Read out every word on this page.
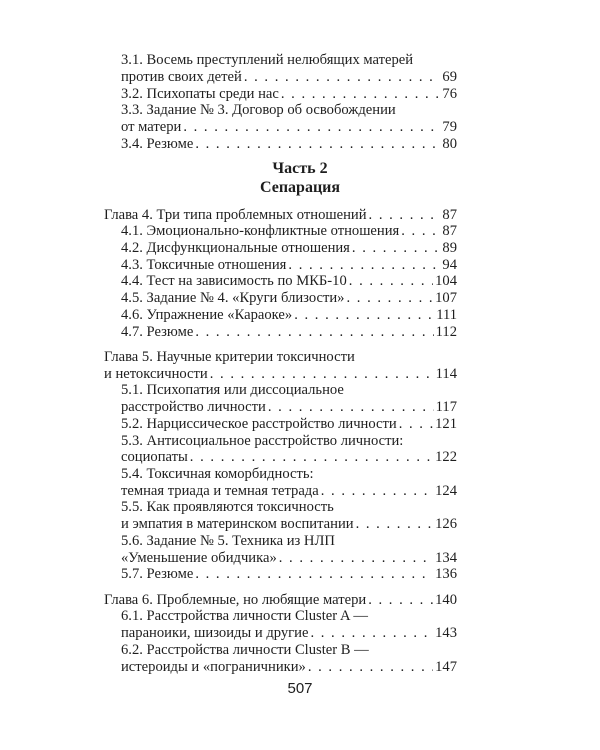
3.1. Восемь преступлений нелюбящих матерей
против своих детей . . .	69
3.2. Психопаты среди нас . . .	76
3.3. Задание № 3. Договор об освобождении
от матери . . .	79
3.4. Резюме . . .	80
Часть 2
Сепарация
Глава 4. Три типа проблемных отношений . . .	87
4.1. Эмоционально-конфликтные отношения . . .	87
4.2. Дисфункциональные отношения . . .	89
4.3. Токсичные отношения . . .	94
4.4. Тест на зависимость по МКБ-10 . . .	104
4.5. Задание № 4. «Круги близости» . . .	107
4.6. Упражнение «Караоке» . . .	111
4.7. Резюме . . .	112
Глава 5. Научные критерии токсичности
и нетоксичности . . .	114
5.1. Психопатия или диссоциальное
расстройство личности . . .	117
5.2. Нарциссическое расстройство личности . . .	121
5.3. Антисоциальное расстройство личности:
социопаты . . .	122
5.4. Токсичная коморбидность:
темная триада и темная тетрада . . .	124
5.5. Как проявляются токсичность
и эмпатия в материнском воспитании . . .	126
5.6. Задание № 5. Техника из НЛП
«Уменьшение обидчика» . . .	134
5.7. Резюме . . .	136
Глава 6. Проблемные, но любящие матери . . .	140
6.1. Расстройства личности Cluster A —
параноики, шизоиды и другие . . .	143
6.2. Расстройства личности Cluster B —
истероиды и «пограничники» . . .	147
507
